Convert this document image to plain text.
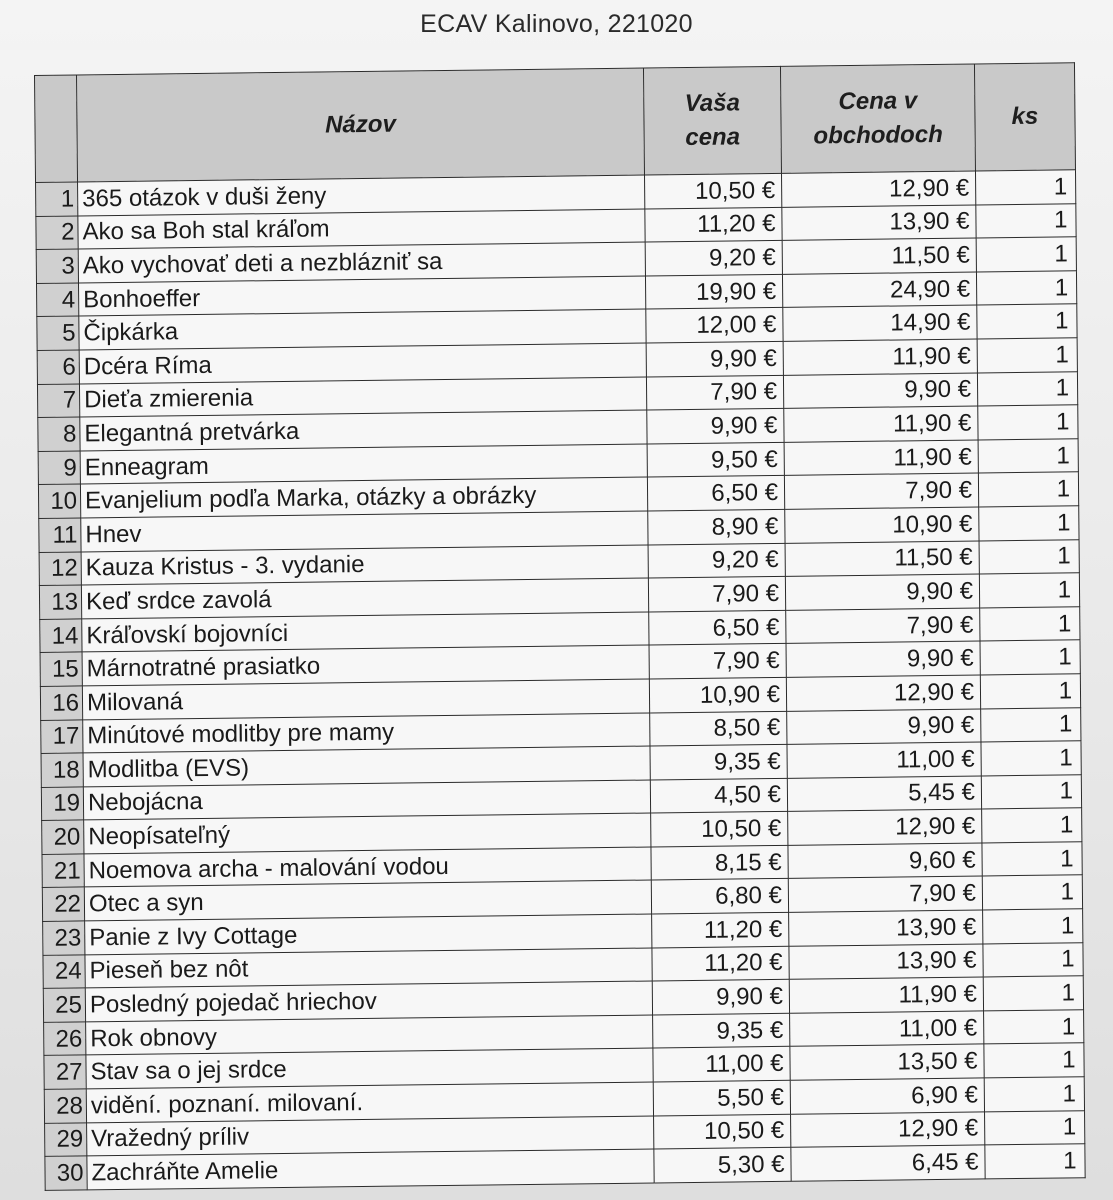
ECAV Kalinovo, 221020
	Názov	Vaša cena	Cena v obchodoch	ks
1	365 otázok v duši ženy	10,50 €	12,90 €	1
2	Ako sa Boh stal kráľom	11,20 €	13,90 €	1
3	Ako vychovať deti a nezblázniť sa	9,20 €	11,50 €	1
4	Bonhoeffer	19,90 €	24,90 €	1
5	Čipkárka	12,00 €	14,90 €	1
6	Dcéra Ríma	9,90 €	11,90 €	1
7	Dieťa zmierenia	7,90 €	9,90 €	1
8	Elegantná pretvárka	9,90 €	11,90 €	1
9	Enneagram	9,50 €	11,90 €	1
10	Evanjelium podľa Marka, otázky a obrázky	6,50 €	7,90 €	1
11	Hnev	8,90 €	10,90 €	1
12	Kauza Kristus - 3. vydanie	9,20 €	11,50 €	1
13	Keď srdce zavolá	7,90 €	9,90 €	1
14	Kráľovskí bojovníci	6,50 €	7,90 €	1
15	Márnotratné prasiatko	7,90 €	9,90 €	1
16	Milovaná	10,90 €	12,90 €	1
17	Minútové modlitby pre mamy	8,50 €	9,90 €	1
18	Modlitba (EVS)	9,35 €	11,00 €	1
19	Nebojácna	4,50 €	5,45 €	1
20	Neopísateľný	10,50 €	12,90 €	1
21	Noemova archa - malování vodou	8,15 €	9,60 €	1
22	Otec a syn	6,80 €	7,90 €	1
23	Panie z Ivy Cottage	11,20 €	13,90 €	1
24	Pieseň bez nôt	11,20 €	13,90 €	1
25	Posledný pojedač hriechov	9,90 €	11,90 €	1
26	Rok obnovy	9,35 €	11,00 €	1
27	Stav sa o jej srdce	11,00 €	13,50 €	1
28	vidění. poznaní. milovaní.	5,50 €	6,90 €	1
29	Vražedný príliv	10,50 €	12,90 €	1
30	Zachráňte Amelie	5,30 €	6,45 €	1
